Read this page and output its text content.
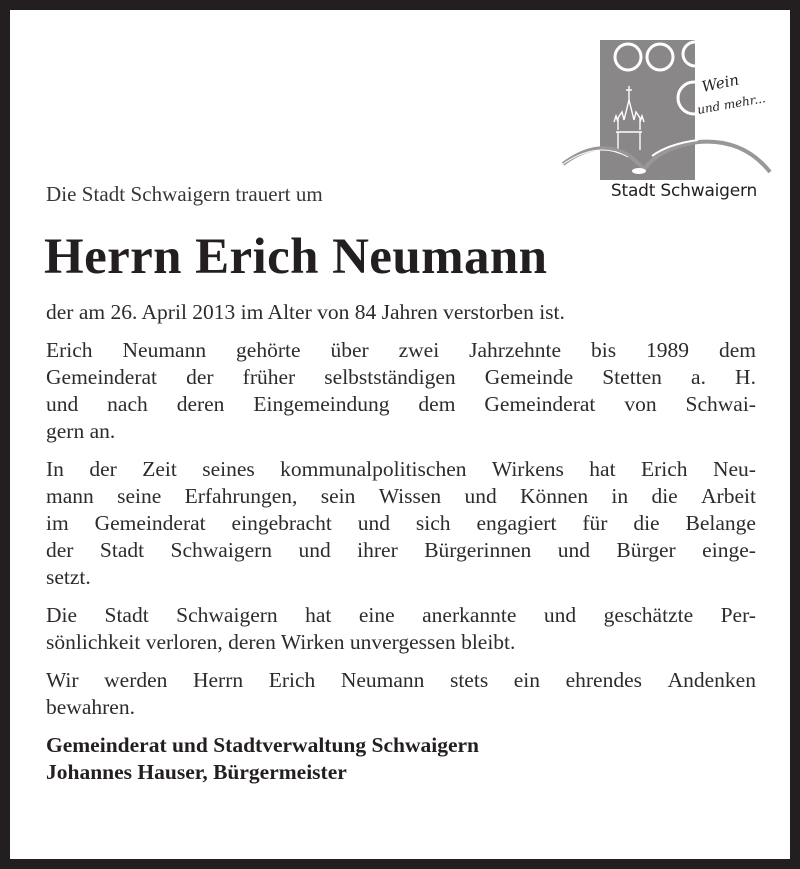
Wein
und mehr...
Stadt Schwaigern
Die Stadt Schwaigern trauert um
Herrn Erich Neumann

der am 26. April 2013 im Alter von 84 Jahren verstorben ist.

Erich Neumann gehörte über zwei Jahrzehnte bis 1989 dem
Gemeinderat der früher selbstständigen Gemeinde Stetten a. H.
und nach deren Eingemeindung dem Gemeinderat von Schwai-
gern an.

In der Zeit seines kommunalpolitischen Wirkens hat Erich Neu-
mann seine Erfahrungen, sein Wissen und Können in die Arbeit
im Gemeinderat eingebracht und sich engagiert für die Belange
der Stadt Schwaigern und ihrer Bürgerinnen und Bürger einge-
setzt.

Die Stadt Schwaigern hat eine anerkannte und geschätzte Per-
sönlichkeit verloren, deren Wirken unvergessen bleibt.

Wir werden Herrn Erich Neumann stets ein ehrendes Andenken
bewahren.

Gemeinderat und Stadtverwaltung Schwaigern
Johannes Hauser, Bürgermeister
